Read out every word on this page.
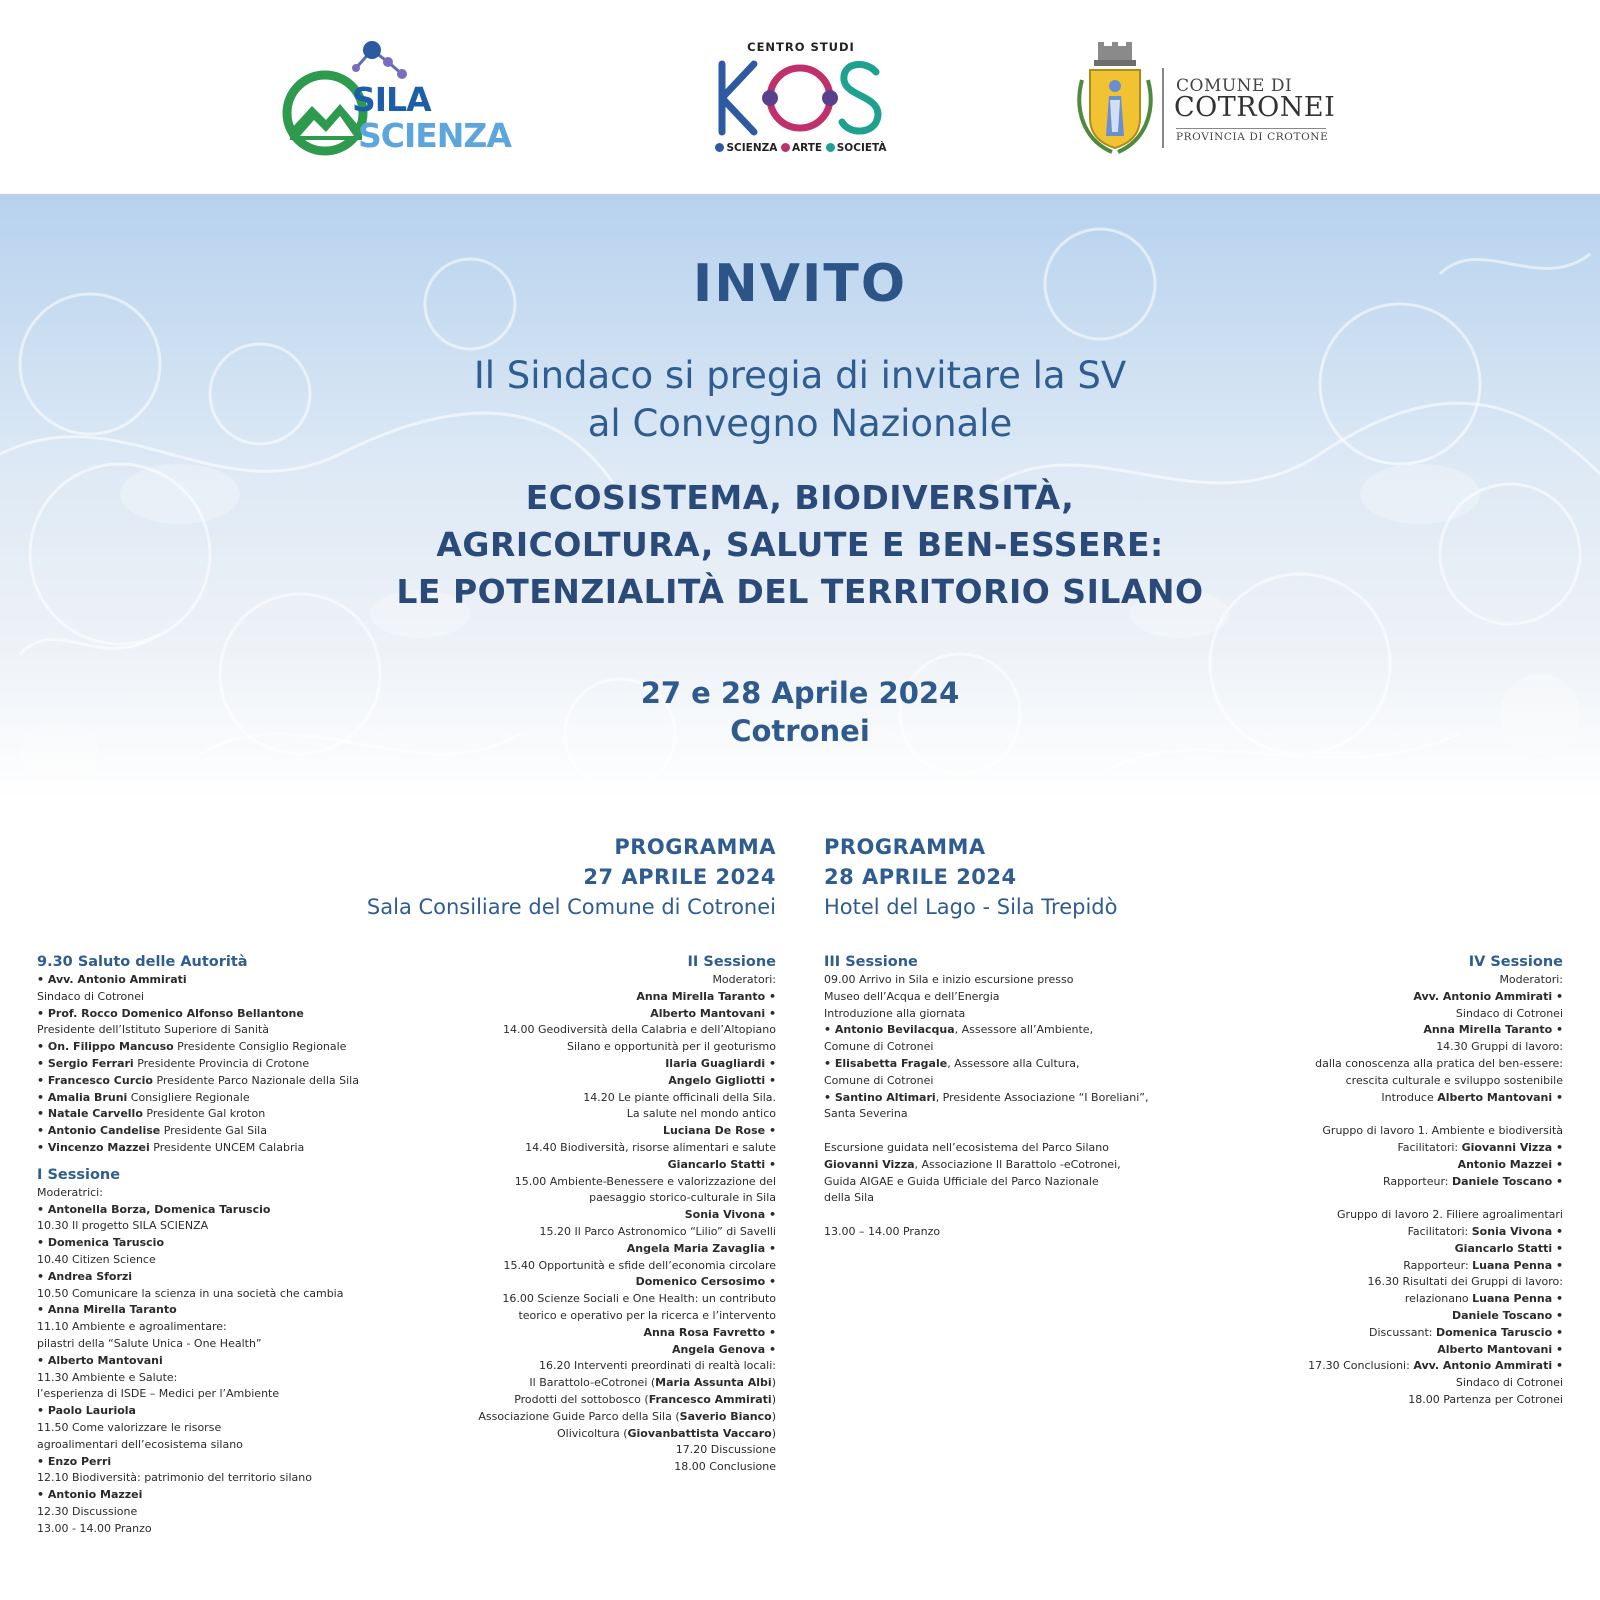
SILA
SCIENZA
CENTRO STUDI
SCIENZA ARTE SOCIETÀ
COMUNE DI
COTRONEI
PROVINCIA DI CROTONE
INVITO
Il Sindaco si pregia di invitare la SV
al Convegno Nazionale
ECOSISTEMA, BIODIVERSITÀ,
AGRICOLTURA, SALUTE E BEN-ESSERE:
LE POTENZIALITÀ DEL TERRITORIO SILANO
27 e 28 Aprile 2024
Cotronei
PROGRAMMA
27 APRILE 2024
Sala Consiliare del Comune di Cotronei
PROGRAMMA
28 APRILE 2024
Hotel del Lago - Sila Trepidò
9.30 Saluto delle Autorità
• Avv. Antonio Ammirati
Sindaco di Cotronei
• Prof. Rocco Domenico Alfonso Bellantone
Presidente dell’Istituto Superiore di Sanità
• On. Filippo Mancuso Presidente Consiglio Regionale
• Sergio Ferrari Presidente Provincia di Crotone
• Francesco Curcio Presidente Parco Nazionale della Sila
• Amalia Bruni Consigliere Regionale
• Natale Carvello Presidente Gal kroton
• Antonio Candelise Presidente Gal Sila
• Vincenzo Mazzei Presidente UNCEM Calabria
I Sessione
Moderatrici:
• Antonella Borza, Domenica Taruscio
10.30 Il progetto SILA SCIENZA
• Domenica Taruscio
10.40 Citizen Science
• Andrea Sforzi
10.50 Comunicare la scienza in una società che cambia
• Anna Mirella Taranto
11.10 Ambiente e agroalimentare:
pilastri della “Salute Unica - One Health”
• Alberto Mantovani
11.30 Ambiente e Salute:
l’esperienza di ISDE – Medici per l’Ambiente
• Paolo Lauriola
11.50 Come valorizzare le risorse
agroalimentari dell’ecosistema silano
• Enzo Perri
12.10 Biodiversità: patrimonio del territorio silano
• Antonio Mazzei
12.30 Discussione
13.00 - 14.00 Pranzo
II Sessione
Moderatori:
Anna Mirella Taranto •
Alberto Mantovani •
14.00 Geodiversità della Calabria e dell’Altopiano
Silano e opportunità per il geoturismo
Ilaria Guagliardi •
Angelo Gigliotti •
14.20 Le piante officinali della Sila.
La salute nel mondo antico
Luciana De Rose •
14.40 Biodiversità, risorse alimentari e salute
Giancarlo Statti •
15.00 Ambiente-Benessere e valorizzazione del
paesaggio storico-culturale in Sila
Sonia Vivona •
15.20 Il Parco Astronomico “Lilio” di Savelli
Angela Maria Zavaglia •
15.40 Opportunità e sfide dell’economia circolare
Domenico Cersosimo •
16.00 Scienze Sociali e One Health: un contributo
teorico e operativo per la ricerca e l’intervento
Anna Rosa Favretto •
Angela Genova •
16.20 Interventi preordinati di realtà locali:
Il Barattolo-eCotronei (Maria Assunta Albi)
Prodotti del sottobosco (Francesco Ammirati)
Associazione Guide Parco della Sila (Saverio Bianco)
Olivicoltura (Giovanbattista Vaccaro)
17.20 Discussione
18.00 Conclusione
III Sessione
09.00 Arrivo in Sila e inizio escursione presso
Museo dell’Acqua e dell’Energia
Introduzione alla giornata
• Antonio Bevilacqua, Assessore all’Ambiente,
Comune di Cotronei
• Elisabetta Fragale, Assessore alla Cultura,
Comune di Cotronei
• Santino Altimari, Presidente Associazione “I Boreliani”,
Santa Severina

Escursione guidata nell’ecosistema del Parco Silano
Giovanni Vizza, Associazione Il Barattolo -eCotronei,
Guida AIGAE e Guida Ufficiale del Parco Nazionale
della Sila

13.00 – 14.00 Pranzo
IV Sessione
Moderatori:
Avv. Antonio Ammirati •
Sindaco di Cotronei
Anna Mirella Taranto •
14.30 Gruppi di lavoro:
dalla conoscenza alla pratica del ben-essere:
crescita culturale e sviluppo sostenibile
Introduce Alberto Mantovani •

Gruppo di lavoro 1. Ambiente e biodiversità
Facilitatori: Giovanni Vizza •
Antonio Mazzei •
Rapporteur: Daniele Toscano •

Gruppo di lavoro 2. Filiere agroalimentari
Facilitatori: Sonia Vivona •
Giancarlo Statti •
Rapporteur: Luana Penna •
16.30 Risultati dei Gruppi di lavoro:
relazionano Luana Penna •
Daniele Toscano •
Discussant: Domenica Taruscio •
Alberto Mantovani •
17.30 Conclusioni: Avv. Antonio Ammirati •
Sindaco di Cotronei
18.00 Partenza per Cotronei
